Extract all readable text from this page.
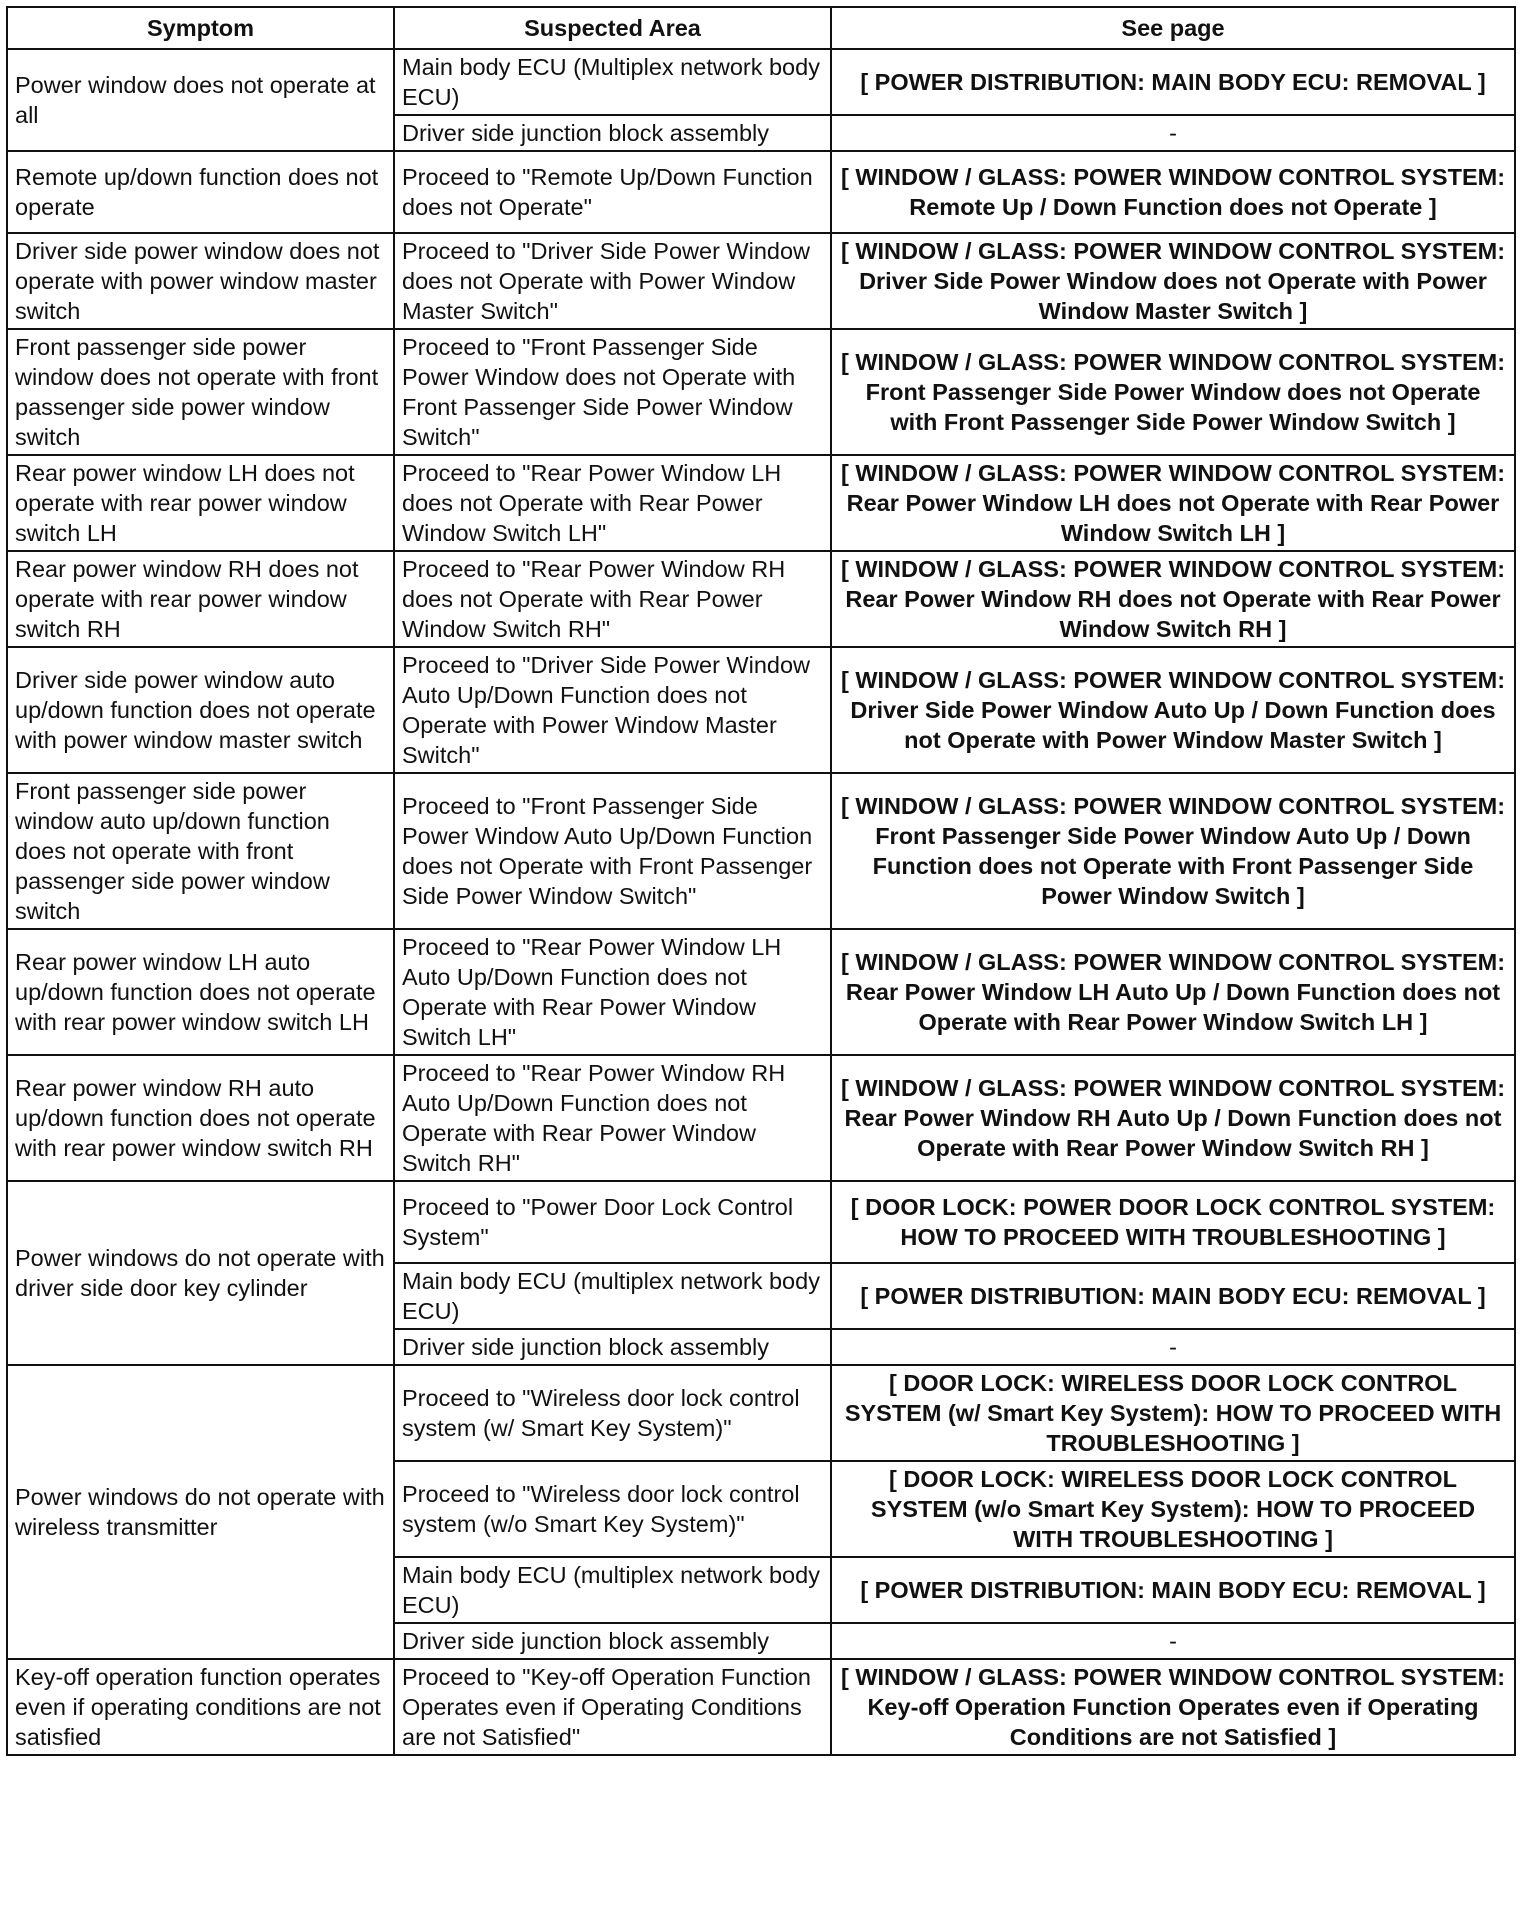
Symptom	Suspected Area	See page
Power window does not operate at all	Main body ECU (Multiplex network body ECU)	[ POWER DISTRIBUTION: MAIN BODY ECU: REMOVAL ]
	Driver side junction block assembly	-
Remote up/down function does not operate	Proceed to "Remote Up/Down Function does not Operate"	[ WINDOW / GLASS: POWER WINDOW CONTROL SYSTEM: Remote Up / Down Function does not Operate ]
Driver side power window does not operate with power window master switch	Proceed to "Driver Side Power Window does not Operate with Power Window Master Switch"	[ WINDOW / GLASS: POWER WINDOW CONTROL SYSTEM: Driver Side Power Window does not Operate with Power Window Master Switch ]
Front passenger side power window does not operate with front passenger side power window switch	Proceed to "Front Passenger Side Power Window does not Operate with Front Passenger Side Power Window Switch"	[ WINDOW / GLASS: POWER WINDOW CONTROL SYSTEM: Front Passenger Side Power Window does not Operate with Front Passenger Side Power Window Switch ]
Rear power window LH does not operate with rear power window switch LH	Proceed to "Rear Power Window LH does not Operate with Rear Power Window Switch LH"	[ WINDOW / GLASS: POWER WINDOW CONTROL SYSTEM: Rear Power Window LH does not Operate with Rear Power Window Switch LH ]
Rear power window RH does not operate with rear power window switch RH	Proceed to "Rear Power Window RH does not Operate with Rear Power Window Switch RH"	[ WINDOW / GLASS: POWER WINDOW CONTROL SYSTEM: Rear Power Window RH does not Operate with Rear Power Window Switch RH ]
Driver side power window auto up/down function does not operate with power window master switch	Proceed to "Driver Side Power Window Auto Up/Down Function does not Operate with Power Window Master Switch"	[ WINDOW / GLASS: POWER WINDOW CONTROL SYSTEM: Driver Side Power Window Auto Up / Down Function does not Operate with Power Window Master Switch ]
Front passenger side power window auto up/down function does not operate with front passenger side power window switch	Proceed to "Front Passenger Side Power Window Auto Up/Down Function does not Operate with Front Passenger Side Power Window Switch"	[ WINDOW / GLASS: POWER WINDOW CONTROL SYSTEM: Front Passenger Side Power Window Auto Up / Down Function does not Operate with Front Passenger Side Power Window Switch ]
Rear power window LH auto up/down function does not operate with rear power window switch LH	Proceed to "Rear Power Window LH Auto Up/Down Function does not Operate with Rear Power Window Switch LH"	[ WINDOW / GLASS: POWER WINDOW CONTROL SYSTEM: Rear Power Window LH Auto Up / Down Function does not Operate with Rear Power Window Switch LH ]
Rear power window RH auto up/down function does not operate with rear power window switch RH	Proceed to "Rear Power Window RH Auto Up/Down Function does not Operate with Rear Power Window Switch RH"	[ WINDOW / GLASS: POWER WINDOW CONTROL SYSTEM: Rear Power Window RH Auto Up / Down Function does not Operate with Rear Power Window Switch RH ]
Power windows do not operate with driver side door key cylinder	Proceed to "Power Door Lock Control System"	[ DOOR LOCK: POWER DOOR LOCK CONTROL SYSTEM: HOW TO PROCEED WITH TROUBLESHOOTING ]
	Main body ECU (multiplex network body ECU)	[ POWER DISTRIBUTION: MAIN BODY ECU: REMOVAL ]
	Driver side junction block assembly	-
Power windows do not operate with wireless transmitter	Proceed to "Wireless door lock control system (w/ Smart Key System)"	[ DOOR LOCK: WIRELESS DOOR LOCK CONTROL SYSTEM (w/ Smart Key System): HOW TO PROCEED WITH TROUBLESHOOTING ]
	Proceed to "Wireless door lock control system (w/o Smart Key System)"	[ DOOR LOCK: WIRELESS DOOR LOCK CONTROL SYSTEM (w/o Smart Key System): HOW TO PROCEED WITH TROUBLESHOOTING ]
	Main body ECU (multiplex network body ECU)	[ POWER DISTRIBUTION: MAIN BODY ECU: REMOVAL ]
	Driver side junction block assembly	-
Key-off operation function operates even if operating conditions are not satisfied	Proceed to "Key-off Operation Function Operates even if Operating Conditions are not Satisfied"	[ WINDOW / GLASS: POWER WINDOW CONTROL SYSTEM: Key-off Operation Function Operates even if Operating Conditions are not Satisfied ]
